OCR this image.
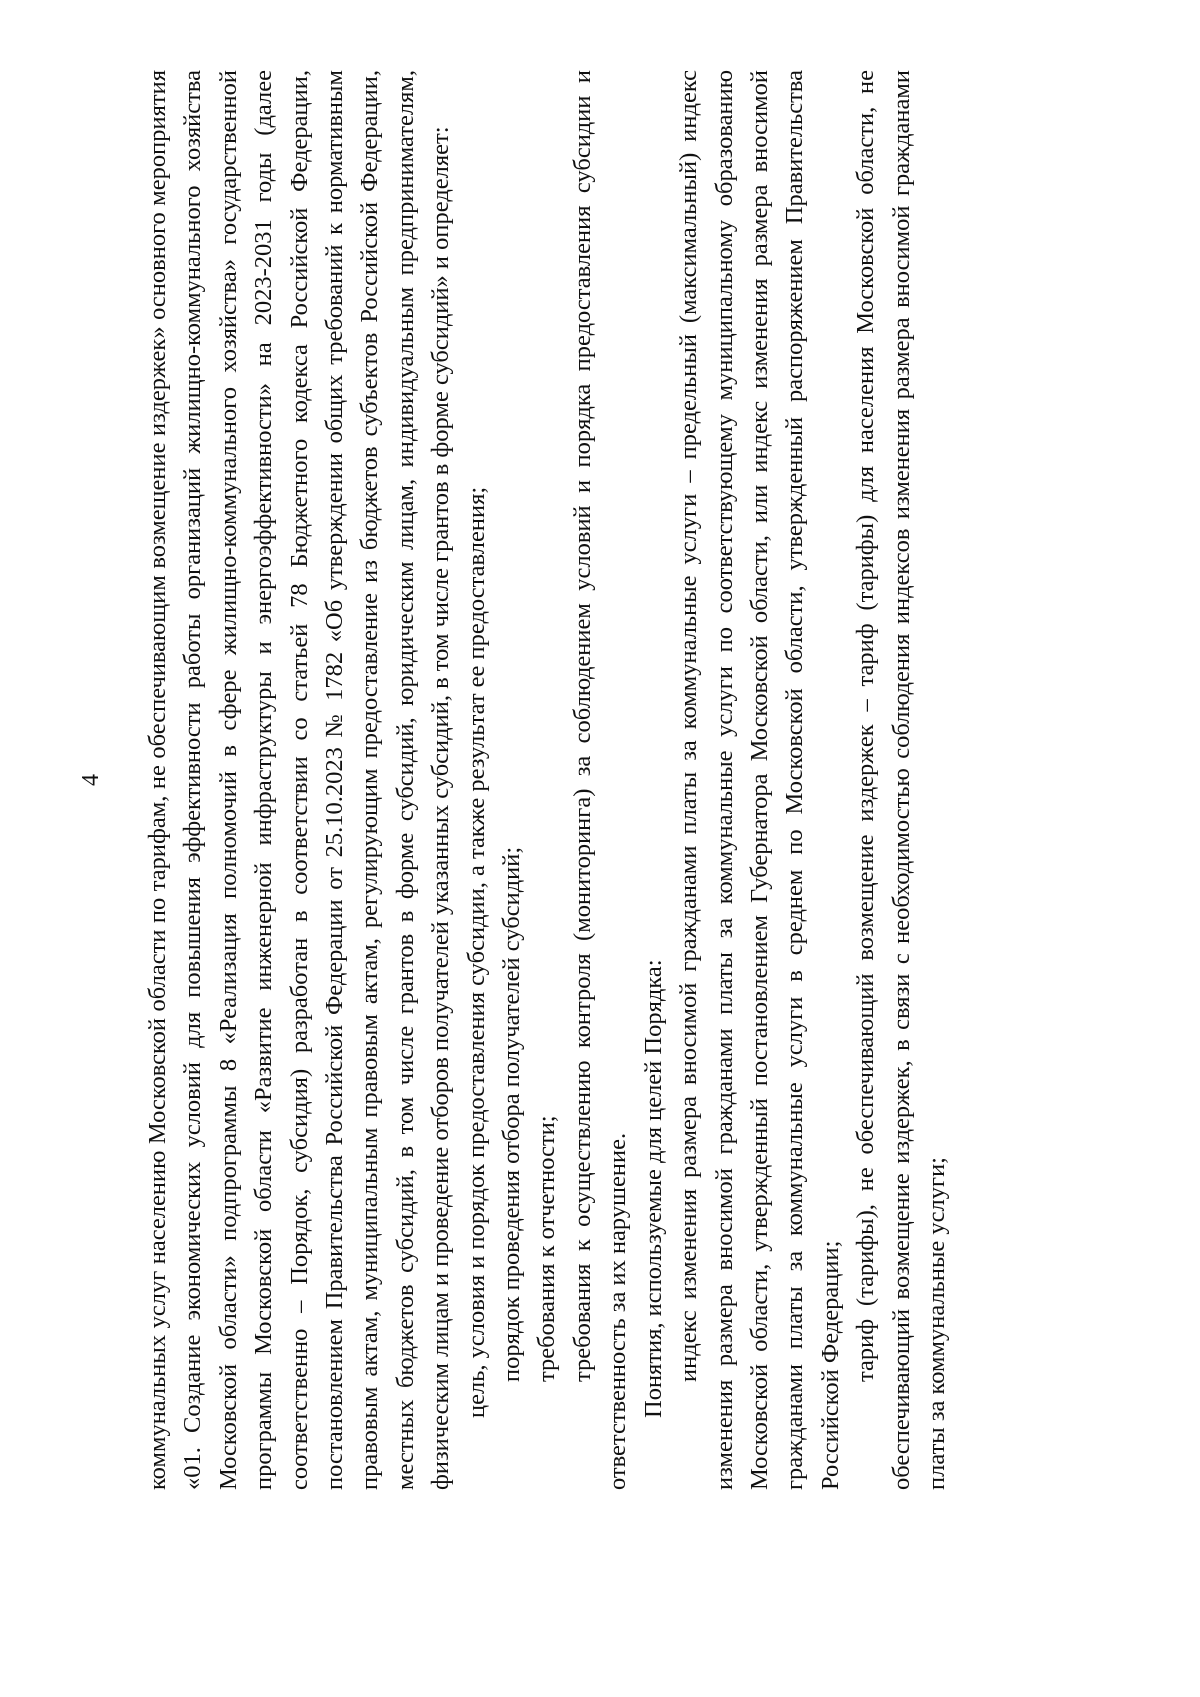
4 коммунальных услуг населению Московской области по тарифам, не обеспечивающим возмещение издержек» основного мероприятия «01. Создание экономических условий для повышения эффективности работы организаций жилищно-коммунального хозяйства Московской области» подпрограммы 8 «Реализация полномочий в сфере жилищно-коммунального хозяйства» государственной программы Московской области «Развитие инженерной инфраструктуры и энергоэффективности» на 2023-2031 годы (далее соответственно – Порядок, субсидия) разработан в соответствии со статьей 78 Бюджетного кодекса Российской Федерации, постановлением Правительства Российской Федерации от 25.10.2023 № 1782 «Об утверждении общих требований к нормативным правовым актам, муниципальным правовым актам, регулирующим предоставление из бюджетов субъектов Российской Федерации, местных бюджетов субсидий, в том числе грантов в форме субсидий, юридическим лицам, индивидуальным предпринимателям, физическим лицам и проведение отборов получателей указанных субсидий, в том числе грантов в форме субсидий» и определяет: цель, условия и порядок предоставления субсидии, а также результат ее предоставления; порядок проведения отбора получателей субсидий; требования к отчетности; требования к осуществлению контроля (мониторинга) за соблюдением условий и порядка предоставления субсидии и ответственность за их нарушение. Понятия, используемые для целей Порядка: индекс изменения размера вносимой гражданами платы за коммунальные услуги – предельный (максимальный) индекс изменения размера вносимой гражданами платы за коммунальные услуги по соответствующему муниципальному образованию Московской области, утвержденный постановлением Губернатора Московской области, или индекс изменения размера вносимой гражданами платы за коммунальные услуги в среднем по Московской области, утвержденный распоряжением Правительства Российской Федерации; тариф (тарифы), не обеспечивающий возмещение издержек – тариф (тарифы) для населения Московской области, не обеспечивающий возмещение издержек, в связи с необходимостью соблюдения индексов изменения размера вносимой гражданами платы за коммунальные услуги;
